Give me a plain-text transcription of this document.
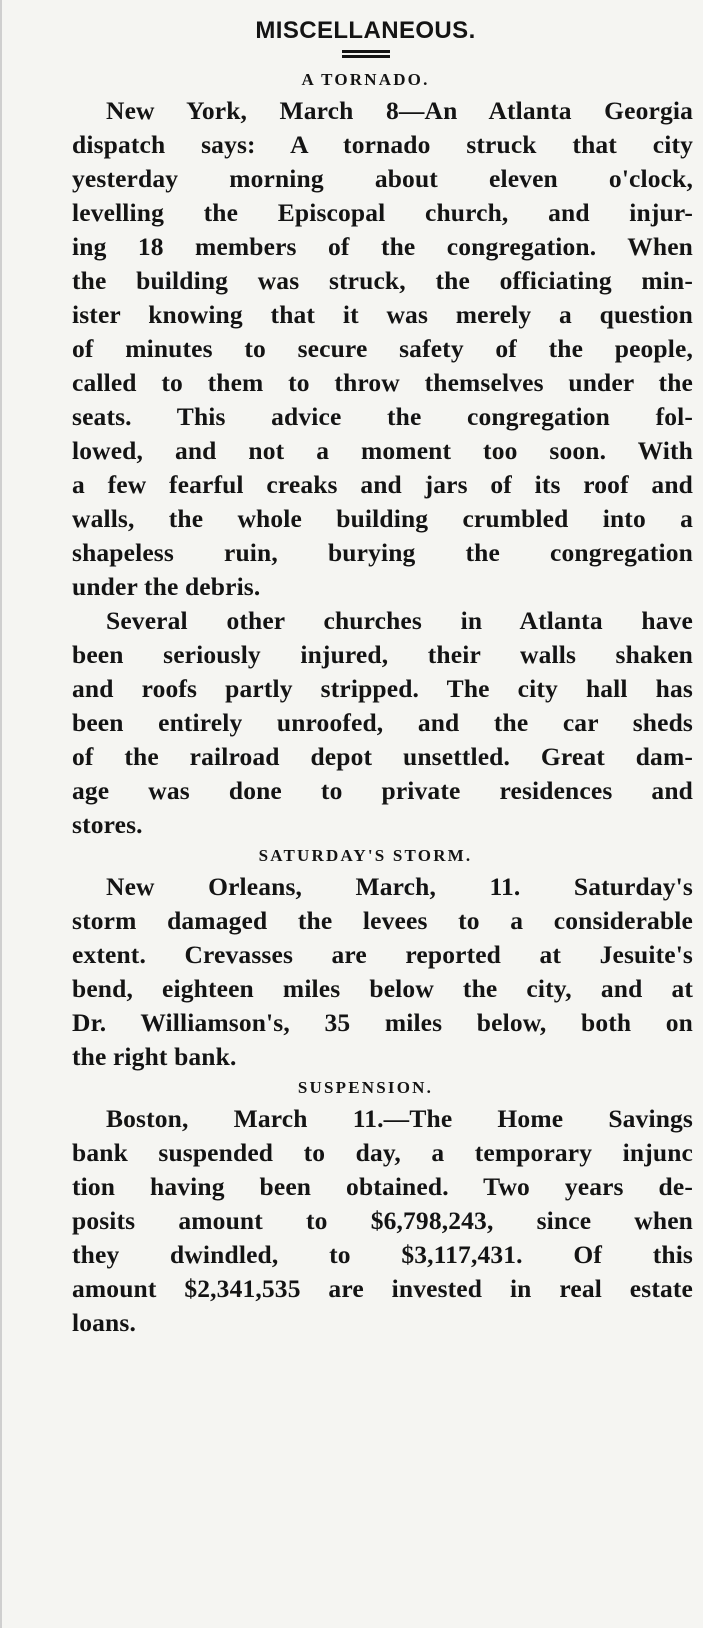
MISCELLANEOUS.
A TORNADO.
New York, March 8—An Atlanta Georgia
dispatch says: A tornado struck that city
yesterday morning about eleven o'clock,
levelling the Episcopal church, and injur-
ing 18 members of the congregation. When
the building was struck, the officiating min-
ister knowing that it was merely a question
of minutes to secure safety of the people,
called to them to throw themselves under the
seats. This advice the congregation fol-
lowed, and not a moment too soon. With
a few fearful creaks and jars of its roof and
walls, the whole building crumbled into a
shapeless ruin, burying the congregation
under the debris.
Several other churches in Atlanta have
been seriously injured, their walls shaken
and roofs partly stripped. The city hall has
been entirely unroofed, and the car sheds
of the railroad depot unsettled. Great dam-
age was done to private residences and
stores.
SATURDAY'S STORM.
New Orleans, March, 11. Saturday's
storm damaged the levees to a considerable
extent. Crevasses are reported at Jesuite's
bend, eighteen miles below the city, and at
Dr. Williamson's, 35 miles below, both on
the right bank.
SUSPENSION.
Boston, March 11.—The Home Savings
bank suspended to day, a temporary injunc
tion having been obtained. Two years de-
posits amount to $6,798,243, since when
they dwindled, to $3,117,431. Of this
amount $2,341,535 are invested in real estate
loans.
